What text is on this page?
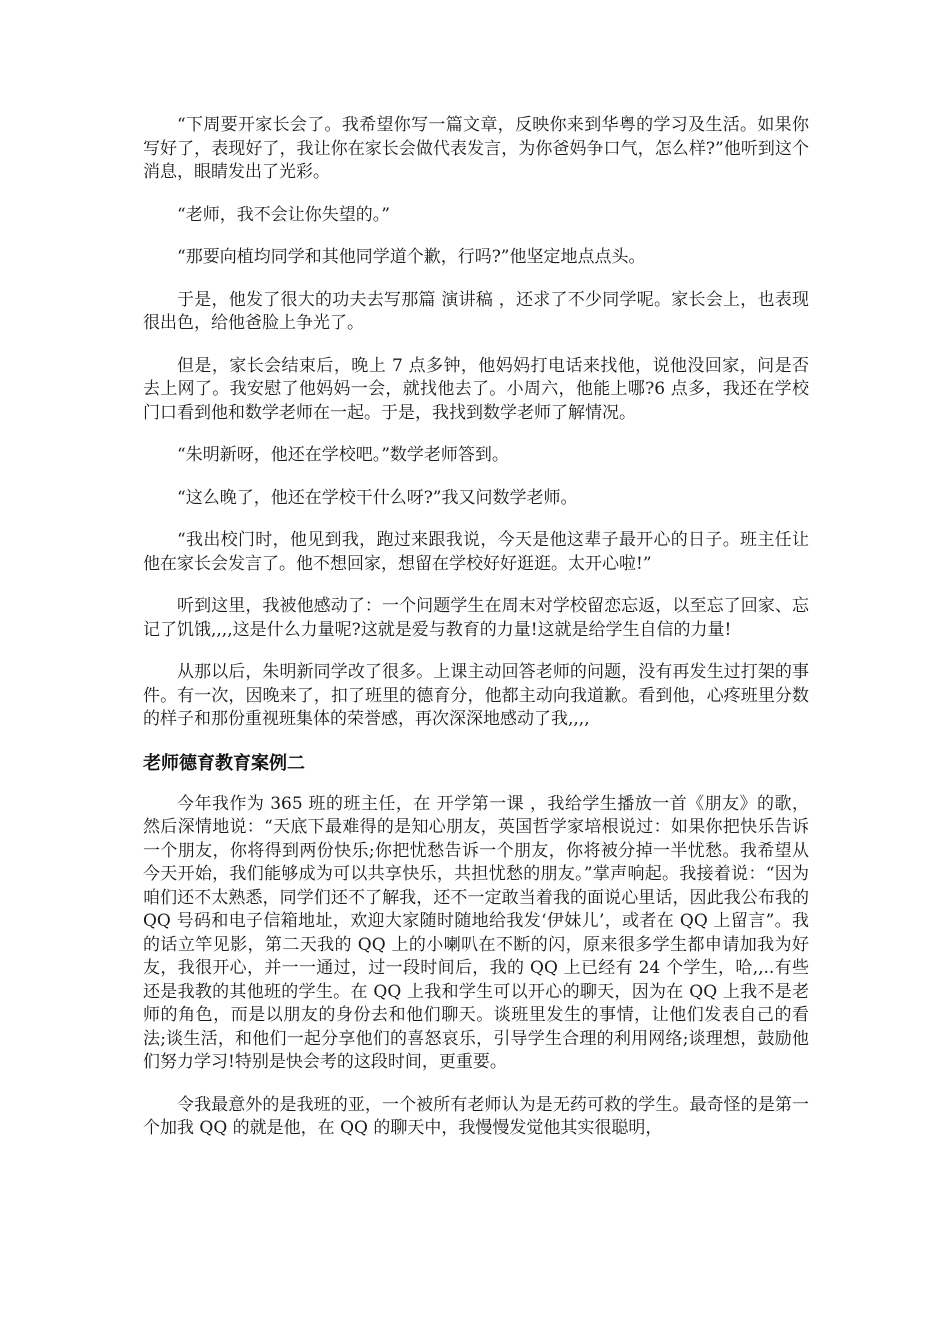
“下周要开家长会了。我希望你写一篇文章，反映你来到华粤的学习及生活。如果你写好了，表现好了，我让你在家长会做代表发言，为你爸妈争口气，怎么样?”他听到这个消息，眼睛发出了光彩。

“老师，我不会让你失望的。”

“那要向植均同学和其他同学道个歉，行吗?”他坚定地点点头。

于是，他发了很大的功夫去写那篇 演讲稿 ，还求了不少同学呢。家长会上，也表现很出色，给他爸脸上争光了。

但是，家长会结束后，晚上 7 点多钟，他妈妈打电话来找他，说他没回家，问是否去上网了。我安慰了他妈妈一会，就找他去了。小周六，他能上哪?6 点多，我还在学校门口看到他和数学老师在一起。于是，我找到数学老师了解情况。

“朱明新呀，他还在学校吧。”数学老师答到。

“这么晚了，他还在学校干什么呀?”我又问数学老师。

“我出校门时，他见到我，跑过来跟我说，今天是他这辈子最开心的日子。班主任让他在家长会发言了。他不想回家，想留在学校好好逛逛。太开心啦!”

听到这里，我被他感动了：一个问题学生在周末对学校留恋忘返，以至忘了回家、忘记了饥饿,,,,这是什么力量呢?这就是爱与教育的力量!这就是给学生自信的力量!

从那以后，朱明新同学改了很多。上课主动回答老师的问题，没有再发生过打架的事件。有一次，因晚来了，扣了班里的德育分，他都主动向我道歉。看到他，心疼班里分数的样子和那份重视班集体的荣誉感，再次深深地感动了我,,,,

老师德育教育案例二

今年我作为 365 班的班主任，在 开学第一课 ，我给学生播放一首《朋友》的歌，然后深情地说：“天底下最难得的是知心朋友，英国哲学家培根说过：如果你把快乐告诉一个朋友，你将得到两份快乐;你把忧愁告诉一个朋友，你将被分掉一半忧愁。我希望从今天开始，我们能够成为可以共享快乐，共担忧愁的朋友。”掌声响起。我接着说：“因为咱们还不太熟悉，同学们还不了解我，还不一定敢当着我的面说心里话，因此我公布我的 QQ 号码和电子信箱地址，欢迎大家随时随地给我发‘伊妹儿’，或者在 QQ 上留言”。我的话立竿见影，第二天我的 QQ 上的小喇叭在不断的闪，原来很多学生都申请加我为好友，我很开心，并一一通过，过一段时间后，我的 QQ 上已经有 24 个学生，哈,,..有些还是我教的其他班的学生。在 QQ 上我和学生可以开心的聊天，因为在 QQ 上我不是老师的角色，而是以朋友的身份去和他们聊天。谈班里发生的事情，让他们发表自己的看法;谈生活，和他们一起分享他们的喜怒哀乐，引导学生合理的利用网络;谈理想，鼓励他们努力学习!特别是快会考的这段时间，更重要。

令我最意外的是我班的亚，一个被所有老师认为是无药可救的学生。最奇怪的是第一个加我 QQ 的就是他，在 QQ 的聊天中，我慢慢发觉他其实很聪明，
